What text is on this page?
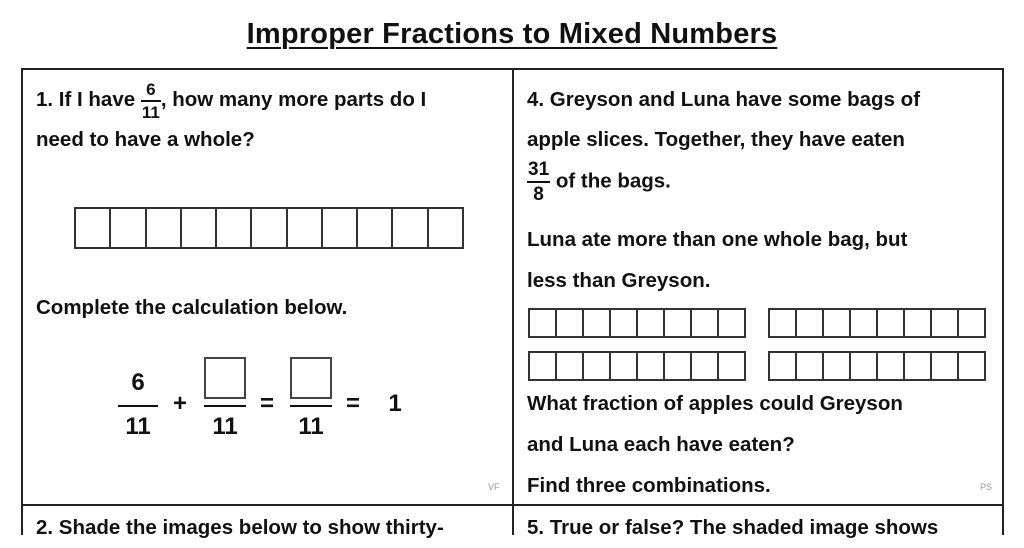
Improper Fractions to Mixed Numbers
1. If I have $\frac{6}{11}$ , how many more parts do I
need to have a whole?
Complete the calculation below.
6
11
+
11
=
11
= 1
VF
4. Greyson and Luna have some bags of
apple slices. Together, they have eaten
$\frac{31}{8}$ of the bags.
Luna ate more than one whole bag, but
less than Greyson.
What fraction of apples could Greyson
and Luna each have eaten?
Find three combinations.	PS
2. Shade the images below to show thirty-	5. True or false? The shaded image shows
